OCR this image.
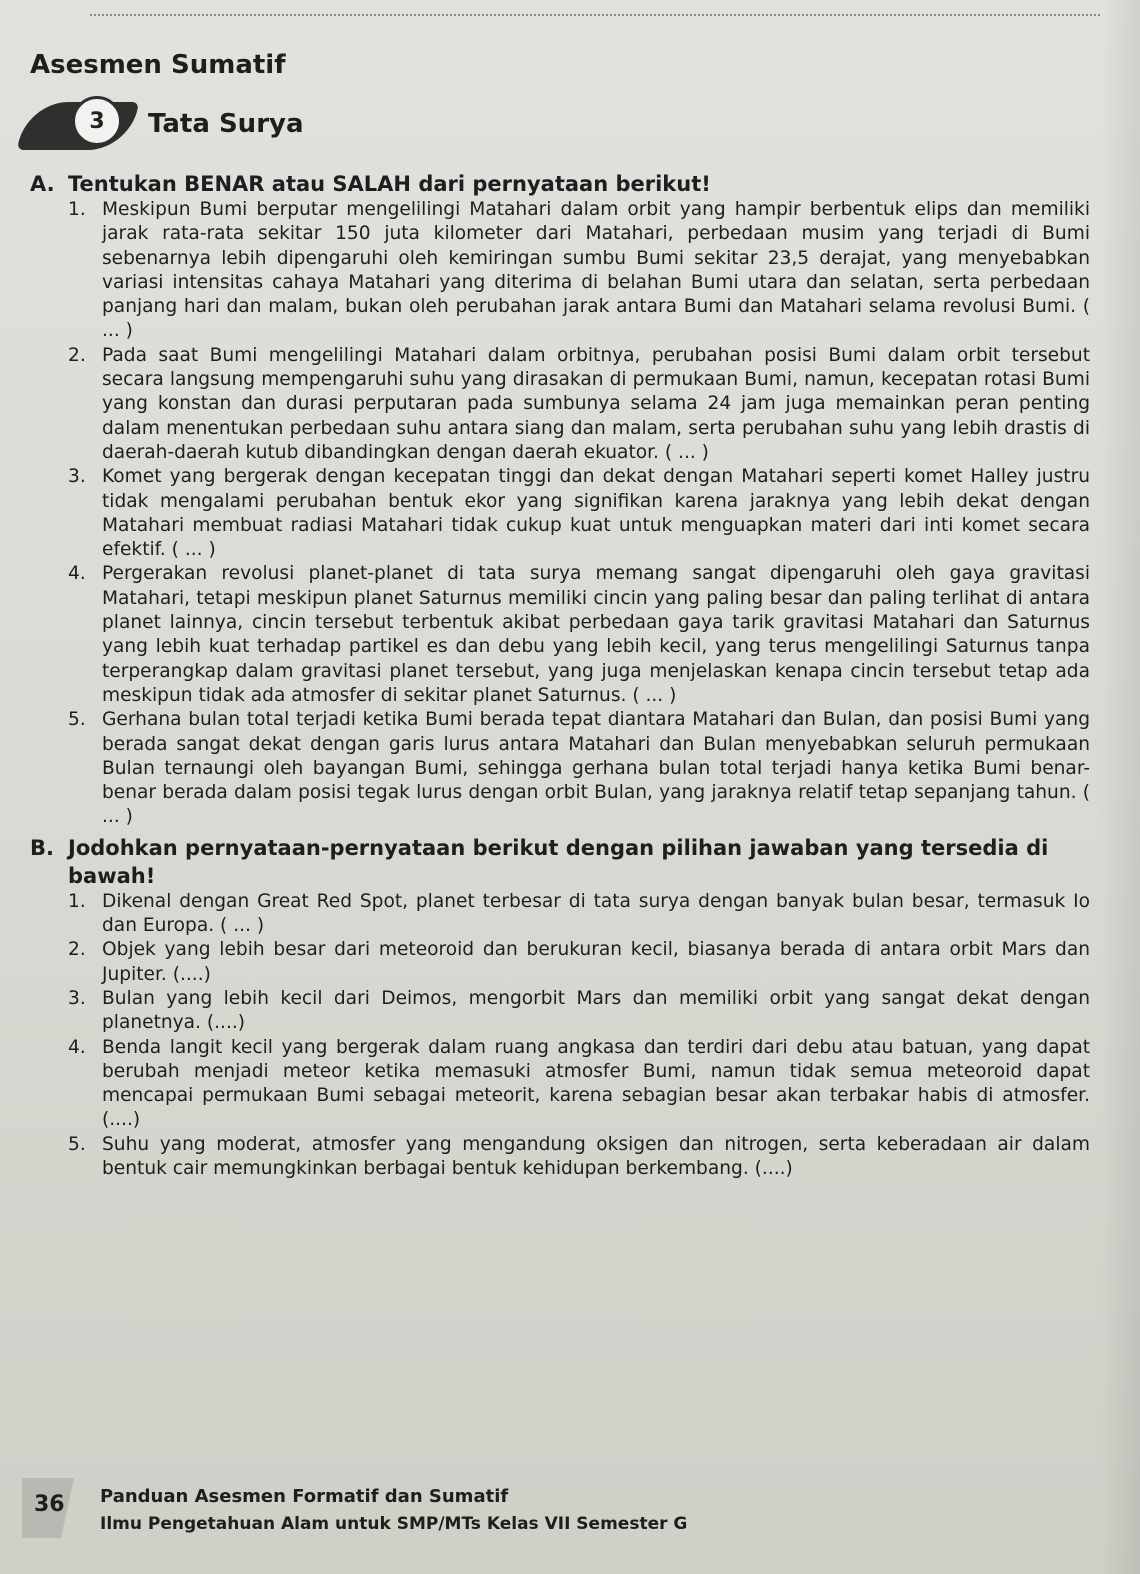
Asesmen Sumatif
3	Tata Surya
A. Tentukan BENAR atau SALAH dari pernyataan berikut!
1. Meskipun Bumi berputar mengelilingi Matahari dalam orbit yang hampir berbentuk elips dan memiliki jarak rata-rata sekitar 150 juta kilometer dari Matahari, perbedaan musim yang terjadi di Bumi sebenarnya lebih dipengaruhi oleh kemiringan sumbu Bumi sekitar 23,5 derajat, yang menyebabkan variasi intensitas cahaya Matahari yang diterima di belahan Bumi utara dan selatan, serta perbedaan panjang hari dan malam, bukan oleh perubahan jarak antara Bumi dan Matahari selama revolusi Bumi. ( ... )
2. Pada saat Bumi mengelilingi Matahari dalam orbitnya, perubahan posisi Bumi dalam orbit tersebut secara langsung mempengaruhi suhu yang dirasakan di permukaan Bumi, namun, kecepatan rotasi Bumi yang konstan dan durasi perputaran pada sumbunya selama 24 jam juga memainkan peran penting dalam menentukan perbedaan suhu antara siang dan malam, serta perubahan suhu yang lebih drastis di daerah-daerah kutub dibandingkan dengan daerah ekuator. ( ... )
3. Komet yang bergerak dengan kecepatan tinggi dan dekat dengan Matahari seperti komet Halley justru tidak mengalami perubahan bentuk ekor yang signifikan karena jaraknya yang lebih dekat dengan Matahari membuat radiasi Matahari tidak cukup kuat untuk menguapkan materi dari inti komet secara efektif. ( ... )
4. Pergerakan revolusi planet-planet di tata surya memang sangat dipengaruhi oleh gaya gravitasi Matahari, tetapi meskipun planet Saturnus memiliki cincin yang paling besar dan paling terlihat di antara planet lainnya, cincin tersebut terbentuk akibat perbedaan gaya tarik gravitasi Matahari dan Saturnus yang lebih kuat terhadap partikel es dan debu yang lebih kecil, yang terus mengelilingi Saturnus tanpa terperangkap dalam gravitasi planet tersebut, yang juga menjelaskan kenapa cincin tersebut tetap ada meskipun tidak ada atmosfer di sekitar planet Saturnus. ( ... )
5. Gerhana bulan total terjadi ketika Bumi berada tepat diantara Matahari dan Bulan, dan posisi Bumi yang berada sangat dekat dengan garis lurus antara Matahari dan Bulan menyebabkan seluruh permukaan Bulan ternaungi oleh bayangan Bumi, sehingga gerhana bulan total terjadi hanya ketika Bumi benar-benar berada dalam posisi tegak lurus dengan orbit Bulan, yang jaraknya relatif tetap sepanjang tahun. ( ... )
B. Jodohkan pernyataan-pernyataan berikut dengan pilihan jawaban yang tersedia di bawah!
1. Dikenal dengan Great Red Spot, planet terbesar di tata surya dengan banyak bulan besar, termasuk Io dan Europa. ( ... )
2. Objek yang lebih besar dari meteoroid dan berukuran kecil, biasanya berada di antara orbit Mars dan Jupiter. (....)
3. Bulan yang lebih kecil dari Deimos, mengorbit Mars dan memiliki orbit yang sangat dekat dengan planetnya. (....)
4. Benda langit kecil yang bergerak dalam ruang angkasa dan terdiri dari debu atau batuan, yang dapat berubah menjadi meteor ketika memasuki atmosfer Bumi, namun tidak semua meteoroid dapat mencapai permukaan Bumi sebagai meteorit, karena sebagian besar akan terbakar habis di atmosfer. (....)
5. Suhu yang moderat, atmosfer yang mengandung oksigen dan nitrogen, serta keberadaan air dalam bentuk cair memungkinkan berbagai bentuk kehidupan berkembang. (....)
36 Panduan Asesmen Formatif dan Sumatif
Ilmu Pengetahuan Alam untuk SMP/MTs Kelas VII Semester G
